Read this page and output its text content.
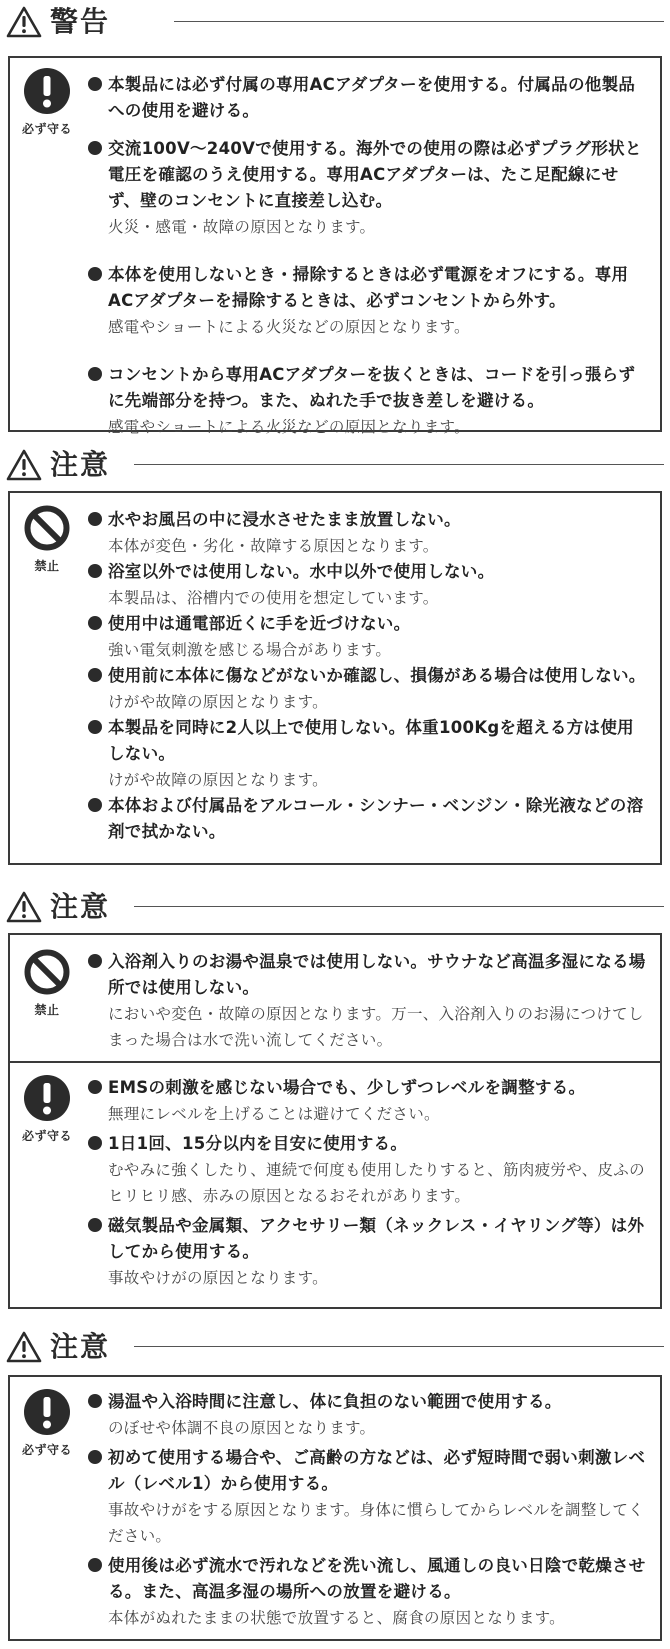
警告
必ず守る
本製品には必ず付属の専用ACアダプターを使用する。付属品の他製品への使用を避ける。
交流100V～240Vで使用する。海外での使用の際は必ずプラグ形状と電圧を確認のうえ使用する。専用ACアダプターは、たこ足配線にせず、壁のコンセントに直接差し込む。
火災・感電・故障の原因となります。
本体を使用しないとき・掃除するときは必ず電源をオフにする。専用ACアダプターを掃除するときは、必ずコンセントから外す。
感電やショートによる火災などの原因となります。
コンセントから専用ACアダプターを抜くときは、コードを引っ張らずに先端部分を持つ。また、ぬれた手で抜き差しを避ける。
感電やショートによる火災などの原因となります。
注意
禁止
水やお風呂の中に浸水させたまま放置しない。
本体が変色・劣化・故障する原因となります。
浴室以外では使用しない。水中以外で使用しない。
本製品は、浴槽内での使用を想定しています。
使用中は通電部近くに手を近づけない。
強い電気刺激を感じる場合があります。
使用前に本体に傷などがないか確認し、損傷がある場合は使用しない。
けがや故障の原因となります。
本製品を同時に2人以上で使用しない。体重100Kgを超える方は使用しない。
けがや故障の原因となります。
本体および付属品をアルコール・シンナー・ベンジン・除光液などの溶剤で拭かない。
注意
禁止
入浴剤入りのお湯や温泉では使用しない。サウナなど高温多湿になる場所では使用しない。
においや変色・故障の原因となります。万一、入浴剤入りのお湯につけてしまった場合は水で洗い流してください。
必ず守る
EMSの刺激を感じない場合でも、少しずつレベルを調整する。
無理にレベルを上げることは避けてください。
1日1回、15分以内を目安に使用する。
むやみに強くしたり、連続で何度も使用したりすると、筋肉疲労や、皮ふのヒリヒリ感、赤みの原因となるおそれがあります。
磁気製品や金属類、アクセサリー類（ネックレス・イヤリング等）は外してから使用する。
事故やけがの原因となります。
注意
必ず守る
湯温や入浴時間に注意し、体に負担のない範囲で使用する。
のぼせや体調不良の原因となります。
初めて使用する場合や、ご高齢の方などは、必ず短時間で弱い刺激レベル（レベル1）から使用する。
事故やけがをする原因となります。身体に慣らしてからレベルを調整してください。
使用後は必ず流水で汚れなどを洗い流し、風通しの良い日陰で乾燥させる。また、高温多湿の場所への放置を避ける。
本体がぬれたままの状態で放置すると、腐食の原因となります。
